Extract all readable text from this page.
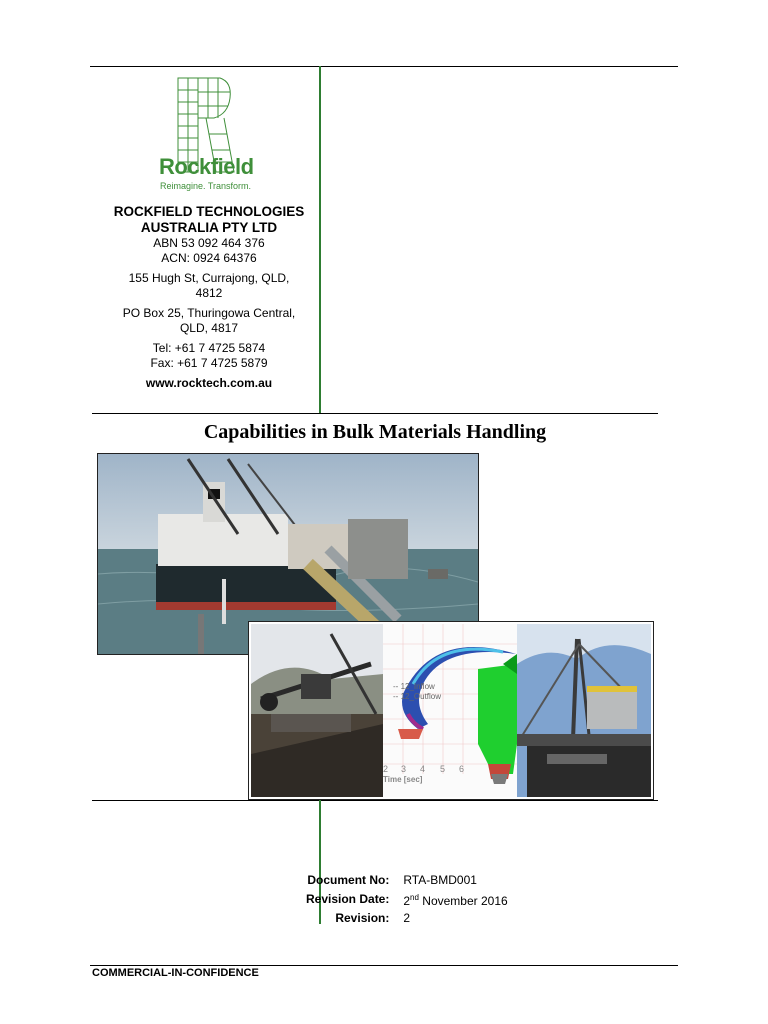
Rockfield
Reimagine. Transform.
ROCKFIELD TECHNOLOGIES
AUSTRALIA PTY LTD
ABN 53 092 464 376
ACN: 0924 64376
155 Hugh St, Currajong, QLD,
4812
PO Box 25, Thuringowa Central,
QLD, 4817
Tel: +61 7 4725 5874
Fax: +61 7 4725 5879
www.rocktech.com.au
Capabilities in Bulk Materials Handling
-- 12_Inflow
-- 12_Outflow
2 3 4 5 6
Time [sec]
Document No:	RTA-BMD001
Revision Date:	2nd November 2016
Revision:	2
COMMERCIAL-IN-CONFIDENCE
